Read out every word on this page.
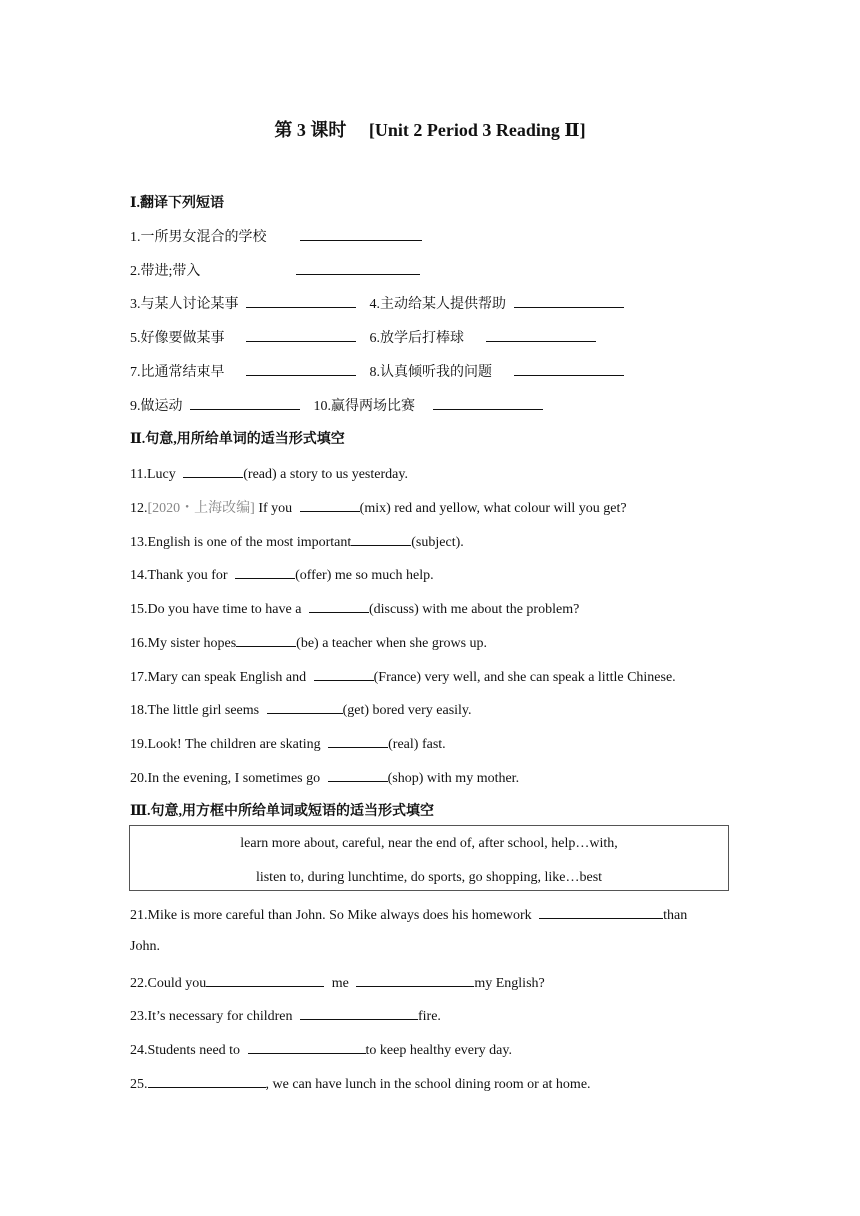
第 3 课时　 [Unit 2 Period 3 Reading Ⅱ]

Ⅰ.翻译下列短语

1.一所男女混合的学校
2.带进;带入
3.与某人讨论某事	4.主动给某人提供帮助
5.好像要做某事	6.放学后打棒球
7.比通常结束早	8.认真倾听我的问题
9.做运动	10.赢得两场比赛

Ⅱ.句意,用所给单词的适当形式填空

11.Lucy	(read) a story to us yesterday.
12.[2020・上海改编] If you	(mix) red and yellow, what colour will you get?
13.English is one of the most important	(subject).
14.Thank you for	(offer) me so much help.
15.Do you have time to have a	(discuss) with me about the problem?
16.My sister hopes	(be) a teacher when she grows up.
17.Mary can speak English and	(France) very well, and she can speak a little Chinese.
18.The little girl seems	(get) bored very easily.
19.Look! The children are skating	(real) fast.
20.In the evening, I sometimes go	(shop) with my mother.

Ⅲ.句意,用方框中所给单词或短语的适当形式填空

learn more about, careful, near the end of, after school, help…with,
listen to, during lunchtime, do sports, go shopping, like…best
21.Mike is more careful than John. So Mike always does his homework	than
John.
22.Could you	me	my English?
23.It’s necessary for children	fire.
24.Students need to	to keep healthy every day.
25.	, we can have lunch in the school dining room or at home.
